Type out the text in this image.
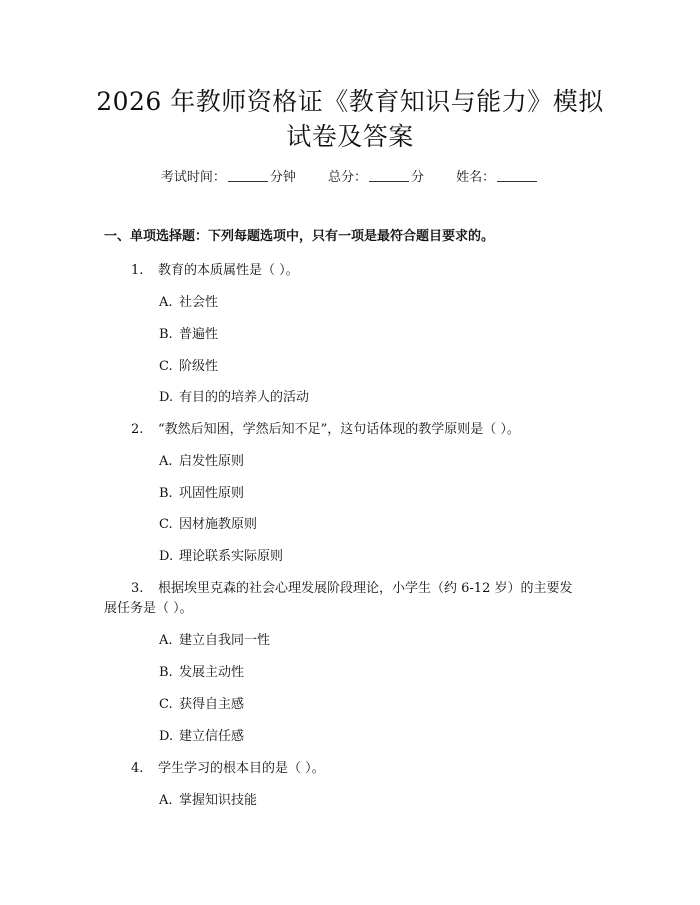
2026 年教师资格证《教育知识与能力》模拟
试卷及答案
考试时间：	分钟 总分：	分 姓名：
一、单项选择题：下列每题选项中，只有一项是最符合题目要求的。
1. 教育的本质属性是（ ）。
A. 社会性
B. 普遍性
C. 阶级性
D. 有目的的培养人的活动
2. “教然后知困，学然后知不足”，这句话体现的教学原则是（ ）。
A. 启发性原则
B. 巩固性原则
C. 因材施教原则
D. 理论联系实际原则
3. 根据埃里克森的社会心理发展阶段理论，小学生（约 6-12 岁）的主要发
展任务是（ ）。
A. 建立自我同一性
B. 发展主动性
C. 获得自主感
D. 建立信任感
4. 学生学习的根本目的是（ ）。
A. 掌握知识技能
